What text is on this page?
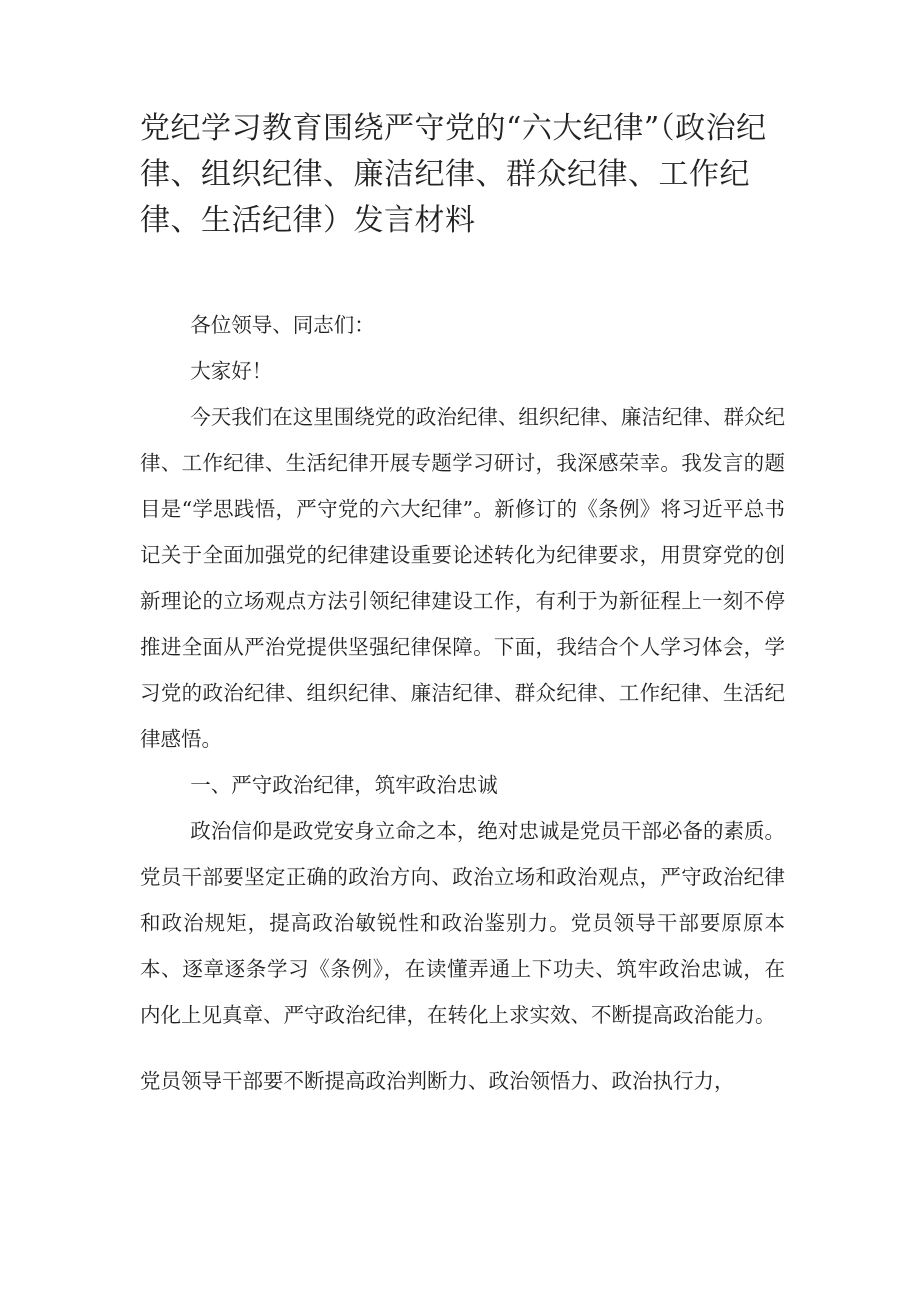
党纪学习教育围绕严守党的“六大纪律”（政治纪律、组织纪律、廉洁纪律、群众纪律、工作纪律、生活纪律）发言材料

各位领导、同志们：

大家好！

今天我们在这里围绕党的政治纪律、组织纪律、廉洁纪律、群众纪律、工作纪律、生活纪律开展专题学习研讨，我深感荣幸。我发言的题目是“学思践悟，严守党的六大纪律”。新修订的《条例》将习近平总书记关于全面加强党的纪律建设重要论述转化为纪律要求，用贯穿党的创新理论的立场观点方法引领纪律建设工作，有利于为新征程上一刻不停推进全面从严治党提供坚强纪律保障。下面，我结合个人学习体会，学习党的政治纪律、组织纪律、廉洁纪律、群众纪律、工作纪律、生活纪律感悟。

一、严守政治纪律，筑牢政治忠诚

政治信仰是政党安身立命之本，绝对忠诚是党员干部必备的素质。党员干部要坚定正确的政治方向、政治立场和政治观点，严守政治纪律和政治规矩，提高政治敏锐性和政治鉴别力。党员领导干部要原原本本、逐章逐条学习《条例》，在读懂弄通上下功夫、筑牢政治忠诚，在内化上见真章、严守政治纪律，在转化上求实效、不断提高政治能力。

党员领导干部要不断提高政治判断力、政治领悟力、政治执行力，
